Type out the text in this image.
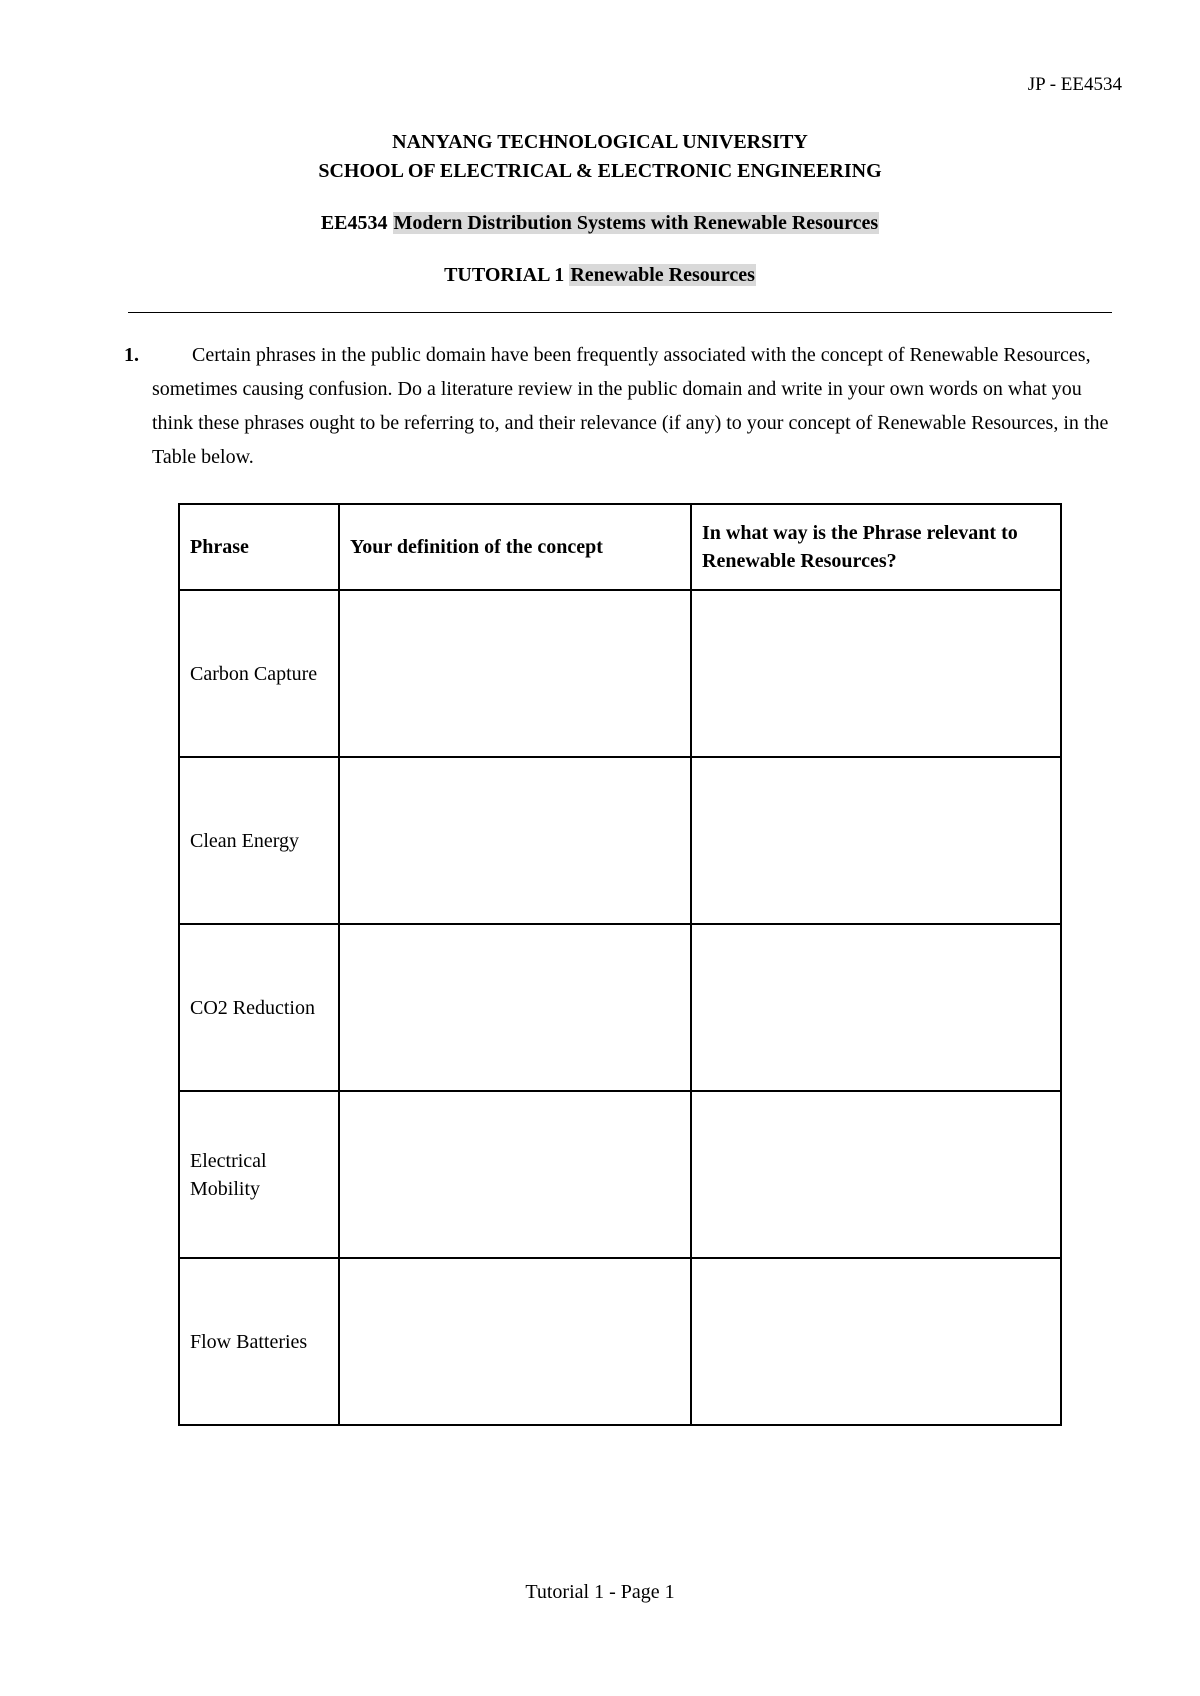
JP - EE4534
NANYANG TECHNOLOGICAL UNIVERSITY
SCHOOL OF ELECTRICAL & ELECTRONIC ENGINEERING
EE4534 Modern Distribution Systems with Renewable Resources
TUTORIAL 1 Renewable Resources
1.	Certain phrases in the public domain have been frequently associated with the concept of Renewable Resources, sometimes causing confusion. Do a literature review in the public domain and write in your own words on what you think these phrases ought to be referring to, and their relevance (if any) to your concept of Renewable Resources, in the Table below.
Phrase	Your definition of the concept	In what way is the Phrase relevant to Renewable Resources?
Carbon Capture		
Clean Energy		
CO2 Reduction		
Electrical Mobility		
Flow Batteries		
Tutorial 1 - Page 1
